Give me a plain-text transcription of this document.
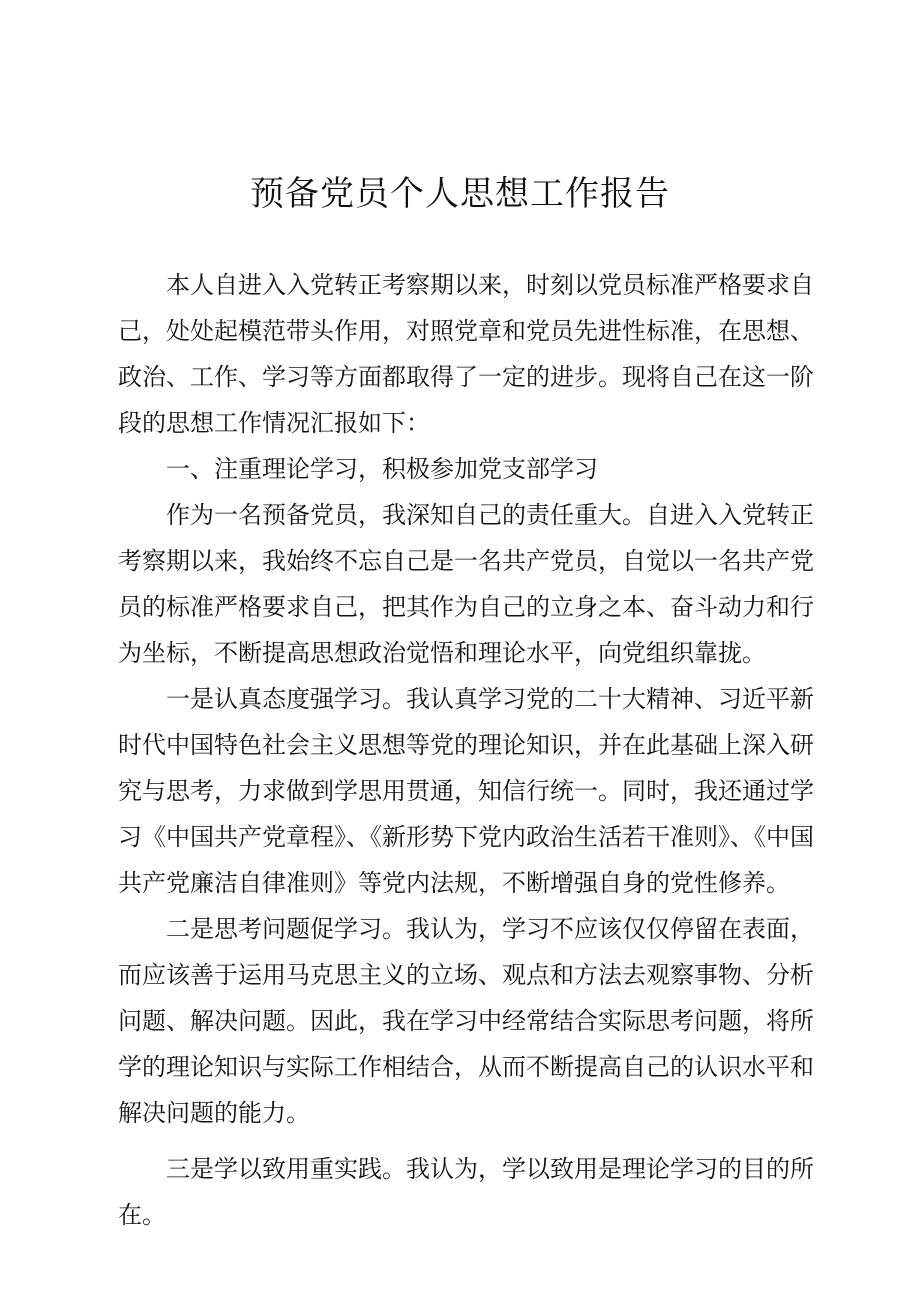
预备党员个人思想工作报告

本人自进入入党转正考察期以来，时刻以党员标准严格要求自己，处处起模范带头作用，对照党章和党员先进性标准，在思想、政治、工作、学习等方面都取得了一定的进步。现将自己在这一阶段的思想工作情况汇报如下：

一、注重理论学习，积极参加党支部学习

作为一名预备党员，我深知自己的责任重大。自进入入党转正考察期以来，我始终不忘自己是一名共产党员，自觉以一名共产党员的标准严格要求自己，把其作为自己的立身之本、奋斗动力和行为坐标，不断提高思想政治觉悟和理论水平，向党组织靠拢。

一是认真态度强学习。我认真学习党的二十大精神、习近平新时代中国特色社会主义思想等党的理论知识，并在此基础上深入研究与思考，力求做到学思用贯通，知信行统一。同时，我还通过学习《中国共产党章程》、《新形势下党内政治生活若干准则》、《中国共产党廉洁自律准则》等党内法规，不断增强自身的党性修养。

二是思考问题促学习。我认为，学习不应该仅仅停留在表面，而应该善于运用马克思主义的立场、观点和方法去观察事物、分析问题、解决问题。因此，我在学习中经常结合实际思考问题，将所学的理论知识与实际工作相结合，从而不断提高自己的认识水平和解决问题的能力。

三是学以致用重实践。我认为，学以致用是理论学习的目的所在。
